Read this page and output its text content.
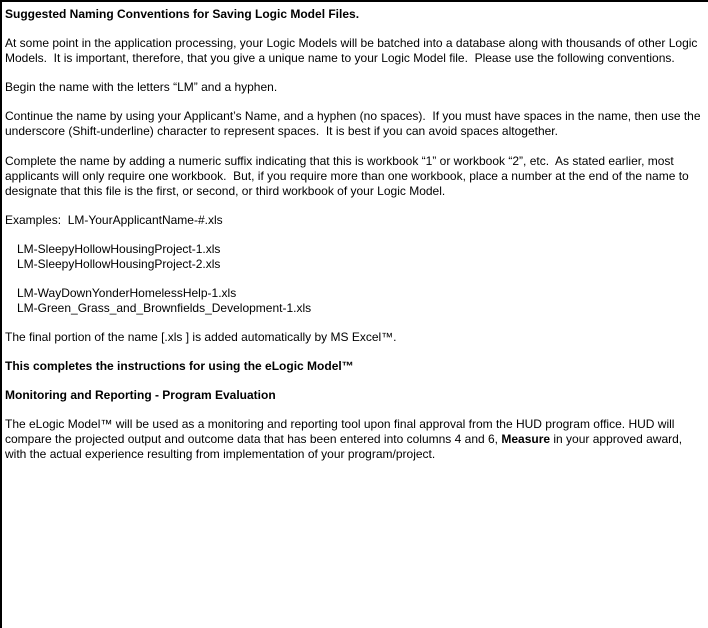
Suggested Naming Conventions for Saving Logic Model Files.

At some point in the application processing, your Logic Models will be batched into a database along with thousands of other Logic Models.  It is important, therefore, that you give a unique name to your Logic Model file.  Please use the following conventions.

Begin the name with the letters “LM” and a hyphen.

Continue the name by using your Applicant’s Name, and a hyphen (no spaces).  If you must have spaces in the name, then use the underscore (Shift-underline) character to represent spaces.  It is best if you can avoid spaces altogether.

Complete the name by adding a numeric suffix indicating that this is workbook “1” or workbook “2”, etc.  As stated earlier, most applicants will only require one workbook.  But, if you require more than one workbook, place a number at the end of the name to designate that this file is the first, or second, or third workbook of your Logic Model.

Examples:  LM-YourApplicantName-#.xls

LM-SleepyHollowHousingProject-1.xls
LM-SleepyHollowHousingProject-2.xls
LM-WayDownYonderHomelessHelp-1.xls
LM-Green_Grass_and_Brownfields_Development-1.xls

The final portion of the name [.xls ] is added automatically by MS Excel™.

This completes the instructions for using the eLogic Model™

Monitoring and Reporting - Program Evaluation

The eLogic Model™ will be used as a monitoring and reporting tool upon final approval from the HUD program office. HUD will compare the projected output and outcome data that has been entered into columns 4 and 6, Measure in your approved award, with the actual experience resulting from implementation of your program/project.
